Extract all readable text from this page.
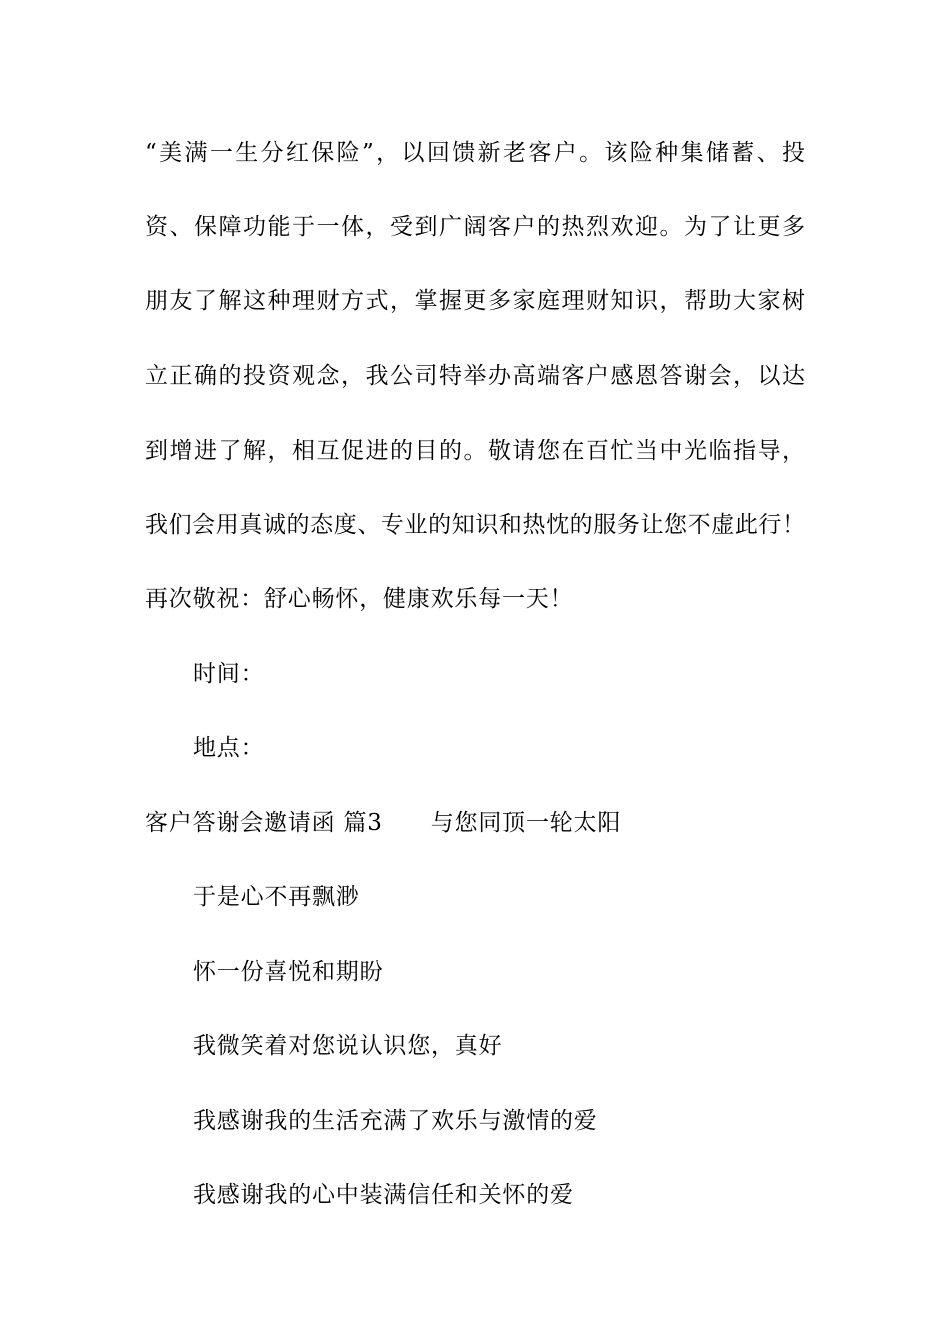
“美满一生分红保险”，以回馈新老客户。该险种集储蓄、投
资、保障功能于一体，受到广阔客户的热烈欢迎。为了让更多
朋友了解这种理财方式，掌握更多家庭理财知识，帮助大家树
立正确的投资观念，我公司特举办高端客户感恩答谢会，以达
到增进了解，相互促进的目的。敬请您在百忙当中光临指导，
我们会用真诚的态度、专业的知识和热忱的服务让您不虚此行！
再次敬祝：舒心畅怀，健康欢乐每一天！
时间：
地点：
客户答谢会邀请函 篇3 与您同顶一轮太阳
于是心不再飘渺
怀一份喜悦和期盼
我微笑着对您说认识您，真好
我感谢我的生活充满了欢乐与激情的爱
我感谢我的心中装满信任和关怀的爱
